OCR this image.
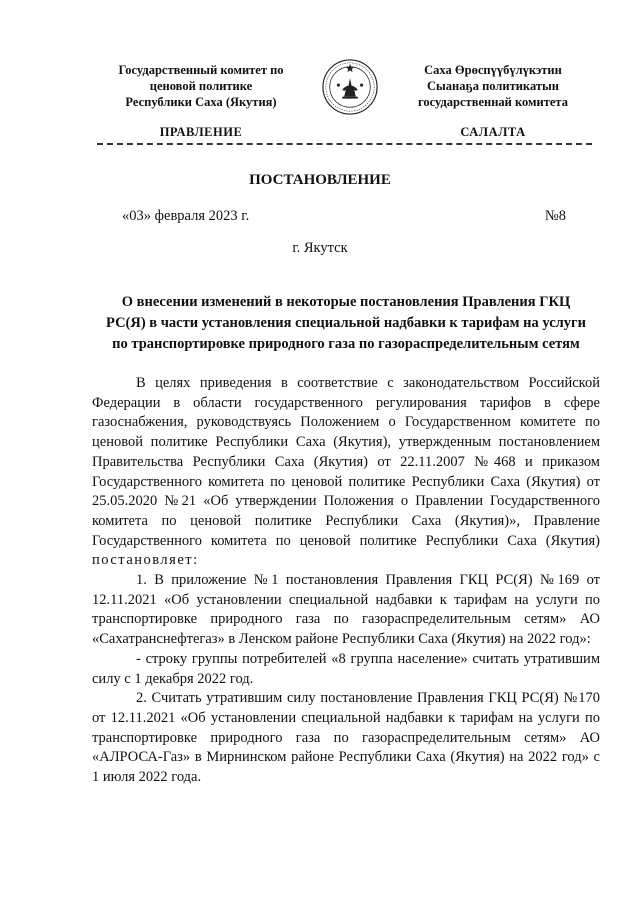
Государственный комитет по
ценовой политике
Республики Саха (Якутия)
Саха Өрөспүүбүлүкэтин
Сыанаҕа политикатын
государственнай комитета
ПРАВЛЕНИЕ	САЛАЛТА
ПОСТАНОВЛЕНИЕ
«03» февраля 2023 г.	№8
г. Якутск
О внесении изменений в некоторые постановления Правления ГКЦ
РС(Я) в части установления специальной надбавки к тарифам на услуги
по транспортировке природного газа по газораспределительным сетям

В целях приведения в соответствие с законодательством Российской Федерации в области государственного регулирования тарифов в сфере газоснабжения, руководствуясь Положением о Государственном комитете по ценовой политике Республики Саха (Якутия), утвержденным постановлением Правительства Республики Саха (Якутия) от 22.11.2007 №468 и приказом Государственного комитета по ценовой политике Республики Саха (Якутия) от 25.05.2020 №21 «Об утверждении Положения о Правлении Государственного комитета по ценовой политике Республики Саха (Якутия)», Правление Государственного комитета по ценовой политике Республики Саха (Якутия) постановляет:

1. В приложение №1 постановления Правления ГКЦ РС(Я) №169 от 12.11.2021 «Об установлении специальной надбавки к тарифам на услуги по транспортировке природного газа по газораспределительным сетям» АО «Сахатранснефтегаз» в Ленском районе Республики Саха (Якутия) на 2022 год»:

- строку группы потребителей «8 группа население» считать утратившим силу с 1 декабря 2022 год.

2. Считать утратившим силу постановление Правления ГКЦ РС(Я) №170 от 12.11.2021 «Об установлении специальной надбавки к тарифам на услуги по транспортировке природного газа по газораспределительным сетям» АО «АЛРОСА-Газ» в Мирнинском районе Республики Саха (Якутия) на 2022 год» с 1 июля 2022 года.
